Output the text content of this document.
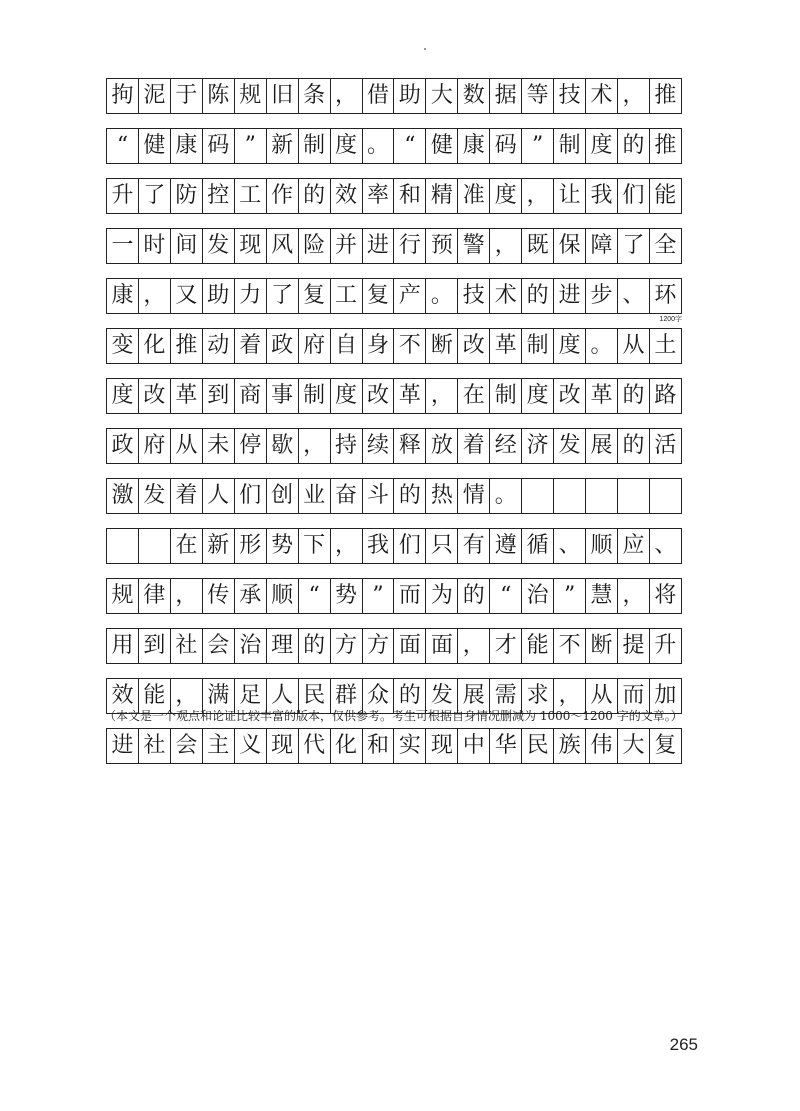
拘 泥 于 陈 规 旧 条 ， 借 助 大 数 据 等 技 术 ， 推
“ 健 康 码 ” 新 制 度 。 “ 健 康 码 ” 制 度 的 推
升 了 防 控 工 作 的 效 率 和 精 准 度 ， 让 我 们 能
一 时 间 发 现 风 险 并 进 行 预 警 ， 既 保 障 了 全
康 ， 又 助 力 了 复 工 复 产 。 技 术 的 进 步 、 环
1200字
变 化 推 动 着 政 府 自 身 不 断 改 革 制 度 。 从 土
度 改 革 到 商 事 制 度 改 革 ， 在 制 度 改 革 的 路
政 府 从 未 停 歇 ， 持 续 释 放 着 经 济 发 展 的 活
激 发 着 人 们 创 业 奋 斗 的 热 情 。
在 新 形 势 下 ， 我 们 只 有 遵 循 、 顺 应 、
规 律 ， 传 承 顺 “ 势 ” 而 为 的 “ 治 ” 慧 ， 将
用 到 社 会 治 理 的 方 方 面 面 ， 才 能 不 断 提 升
效 能 ， 满 足 人 民 群 众 的 发 展 需 求 ， 从 而 加
进 社 会 主 义 现 代 化 和 实 现 中 华 民 族 伟 大 复

（本文是一个观点和论证比较丰富的版本，仅供参考。考生可根据自身情况删减为 1000～1200 字的文章。）

265
